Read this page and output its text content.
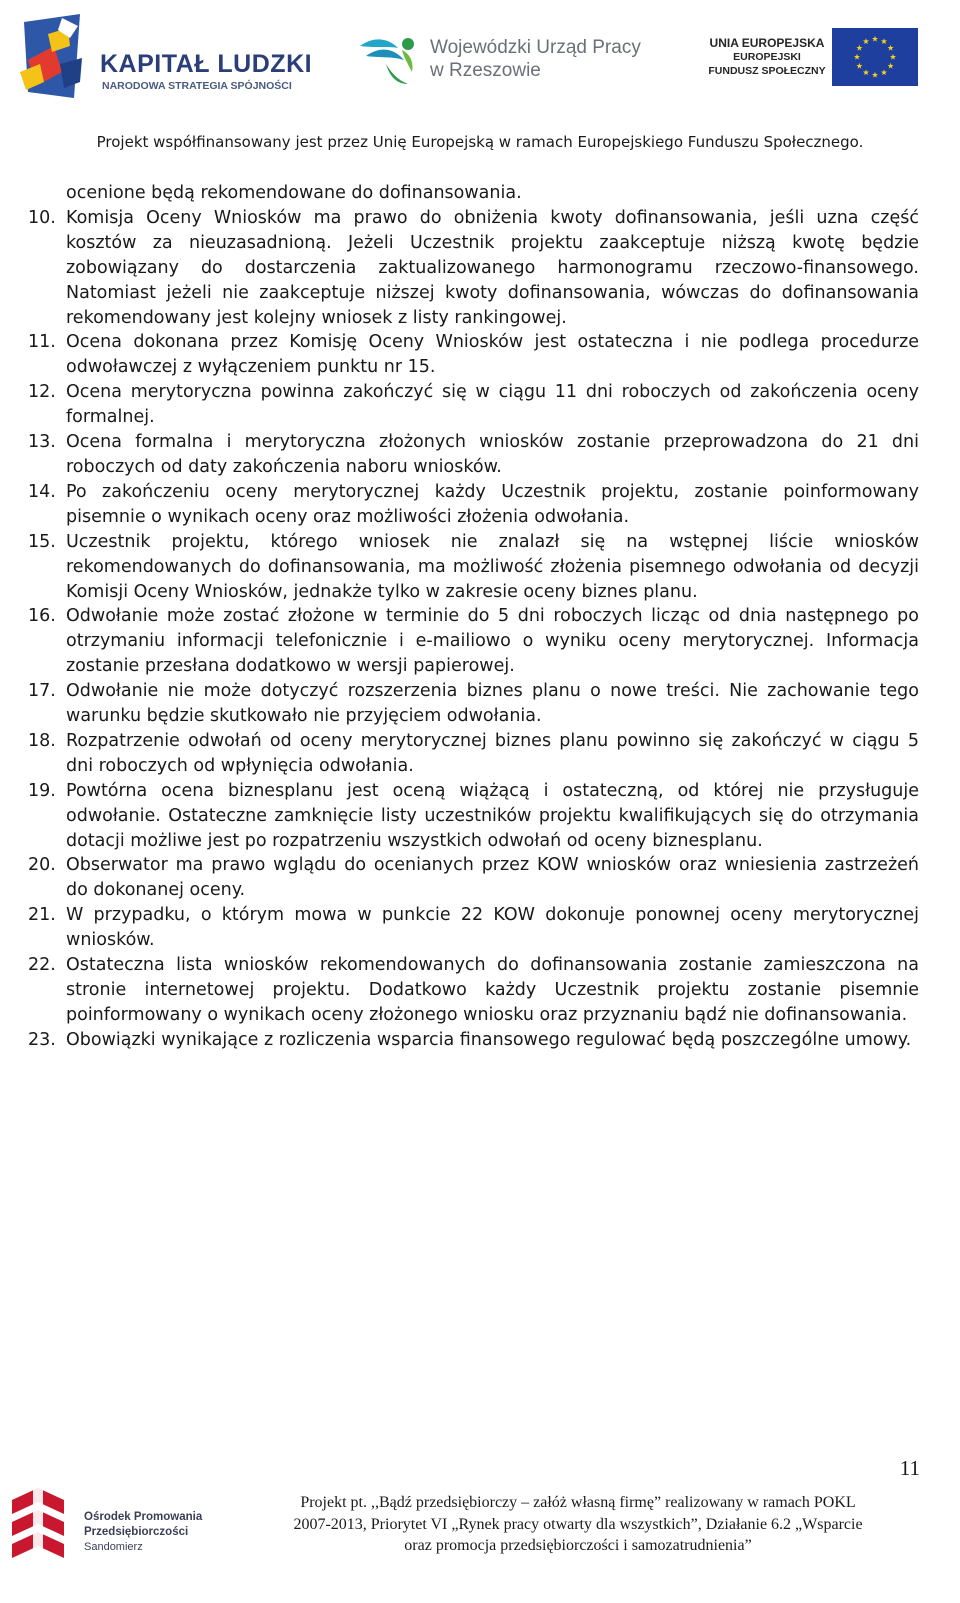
KAPITAŁ LUDZKI
NARODOWA STRATEGIA SPÓJNOŚCI
Wojewódzki Urząd Pracy
w Rzeszowie
UNIA EUROPEJSKA
EUROPEJSKI
FUNDUSZ SPOŁECZNY
Projekt współfinansowany jest przez Unię Europejską w ramach Europejskiego Funduszu Społecznego.

ocenione będą rekomendowane do dofinansowania.

10. Komisja Oceny Wniosków ma prawo do obniżenia kwoty dofinansowania, jeśli uzna część kosztów za nieuzasadnioną. Jeżeli Uczestnik projektu zaakceptuje niższą kwotę będzie zobowiązany do dostarczenia zaktualizowanego harmonogramu rzeczowo-finansowego. Natomiast jeżeli nie zaakceptuje niższej kwoty dofinansowania, wówczas do dofinansowania rekomendowany jest kolejny wniosek z listy rankingowej.
11. Ocena dokonana przez Komisję Oceny Wniosków jest ostateczna i nie podlega procedurze odwoławczej z wyłączeniem punktu nr 15.
12. Ocena merytoryczna powinna zakończyć się w ciągu 11 dni roboczych od zakończenia oceny formalnej.
13. Ocena formalna i merytoryczna złożonych wniosków zostanie przeprowadzona do 21 dni roboczych od daty zakończenia naboru wniosków.
14. Po zakończeniu oceny merytorycznej każdy Uczestnik projektu, zostanie poinformowany pisemnie o wynikach oceny oraz możliwości złożenia odwołania.
15. Uczestnik projektu, którego wniosek nie znalazł się na wstępnej liście wniosków rekomendowanych do dofinansowania, ma możliwość złożenia pisemnego odwołania od decyzji Komisji Oceny Wniosków, jednakże tylko w zakresie oceny biznes planu.
16. Odwołanie może zostać złożone w terminie do 5 dni roboczych licząc od dnia następnego po otrzymaniu informacji telefonicznie i e-mailiowo o wyniku oceny merytorycznej. Informacja zostanie przesłana dodatkowo w wersji papierowej.
17. Odwołanie nie może dotyczyć rozszerzenia biznes planu o nowe treści. Nie zachowanie tego warunku będzie skutkowało nie przyjęciem odwołania.
18. Rozpatrzenie odwołań od oceny merytorycznej biznes planu powinno się zakończyć w ciągu 5 dni roboczych od wpłynięcia odwołania.
19. Powtórna ocena biznesplanu jest oceną wiążącą i ostateczną, od której nie przysługuje odwołanie. Ostateczne zamknięcie listy uczestników projektu kwalifikujących się do otrzymania dotacji możliwe jest po rozpatrzeniu wszystkich odwołań od oceny biznesplanu.
20. Obserwator ma prawo wglądu do ocenianych przez KOW wniosków oraz wniesienia zastrzeżeń do dokonanej oceny.
21. W przypadku, o którym mowa w punkcie 22 KOW dokonuje ponownej oceny merytorycznej wniosków.
22. Ostateczna lista wniosków rekomendowanych do dofinansowania zostanie zamieszczona na stronie internetowej projektu. Dodatkowo każdy Uczestnik projektu zostanie pisemnie poinformowany o wynikach oceny złożonego wniosku oraz przyznaniu bądź nie dofinansowania.
23. Obowiązki wynikające z rozliczenia wsparcia finansowego regulować będą poszczególne umowy.
11
Ośrodek Promowania
Przedsiębiorczości
Sandomierz
Projekt pt. ,,Bądź przedsiębiorczy – załóż własną firmę” realizowany w ramach POKL
2007-2013, Priorytet VI „Rynek pracy otwarty dla wszystkich”, Działanie 6.2 „Wsparcie
oraz promocja przedsiębiorczości i samozatrudnienia”
